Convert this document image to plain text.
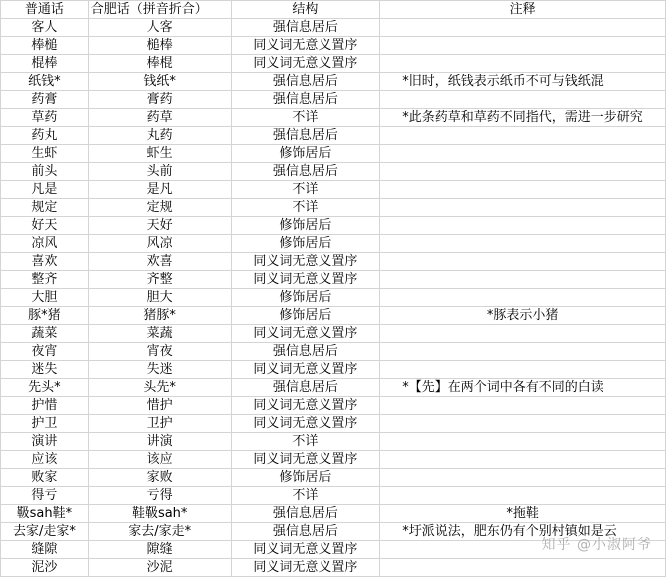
普通话	合肥话（拼音折合）	结构	注释
客人	人客	强信息居后	
棒槌	槌棒	同义词无意义置序	
棍棒	棒棍	同义词无意义置序	
纸钱*	钱纸*	强信息居后	*旧时，纸钱表示纸币不可与钱纸混
药膏	膏药	强信息居后	
草药	药草	不详	*此条药草和草药不同指代，需进一步研究
药丸	丸药	强信息居后	
生虾	虾生	修饰居后	
前头	头前	强信息居后	
凡是	是凡	不详	
规定	定规	不详	
好天	天好	修饰居后	
凉风	风凉	修饰居后	
喜欢	欢喜	同义词无意义置序	
整齐	齐整	同义词无意义置序	
大胆	胆大	修饰居后	
豚*猪	猪豚*	修饰居后	*豚表示小猪
蔬菜	菜蔬	同义词无意义置序	
夜宵	宵夜	强信息居后	
迷失	失迷	同义词无意义置序	
先头*	头先*	强信息居后	*【先】在两个词中各有不同的白读
护惜	惜护	同义词无意义置序	
护卫	卫护	同义词无意义置序	
演讲	讲演	不详	
应该	该应	同义词无意义置序	
败家	家败	修饰居后	
得亏	亏得	不详	
靸sah鞋*	鞋靸sah*	强信息居后	*拖鞋
去家/走家*	家去/家走*	强信息居后	*圩派说法，肥东仍有个别村镇如是云
缝隙	隙缝	同义词无意义置序	
泥沙	沙泥	同义词无意义置序	
知乎 @小淑阿爷
